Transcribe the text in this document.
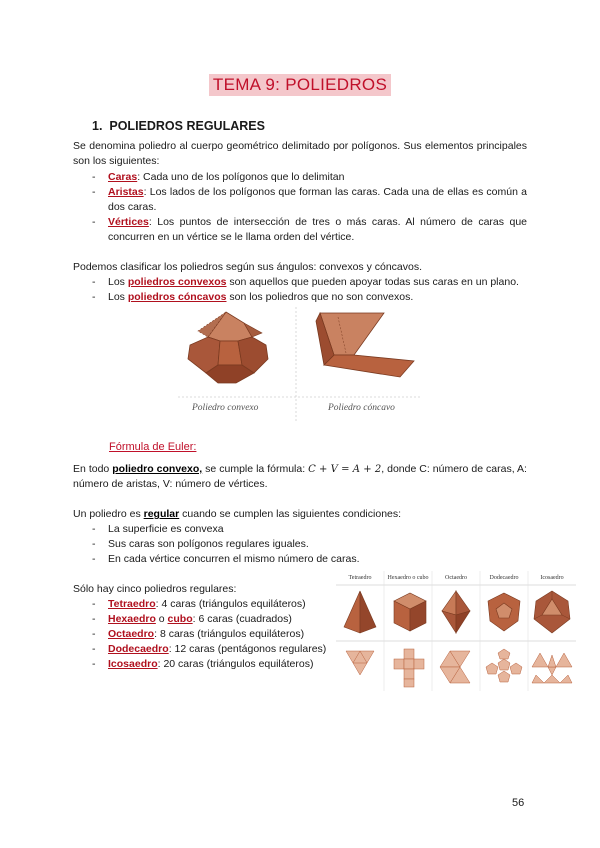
TEMA 9: POLIEDROS
1.  POLIEDROS REGULARES
Se denomina poliedro al cuerpo geométrico delimitado por polígonos. Sus elementos principales son los siguientes:
- Caras: Cada uno de los polígonos que lo delimitan
- Aristas: Los lados de los polígonos que forman las caras. Cada una de ellas es común a dos caras.
- Vértices: Los puntos de intersección de tres o más caras. Al número de caras que concurren en un vértice se le llama orden del vértice.
Podemos clasificar los poliedros según sus ángulos: convexos y cóncavos.
- Los poliedros convexos son aquellos que pueden apoyar todas sus caras en un plano.
- Los poliedros cóncavos son los poliedros que no son convexos.
Poliedro convexo	Poliedro cóncavo
Fórmula de Euler:
En todo poliedro convexo, se cumple la fórmula: C + V = A + 2, donde C: número de caras, A: número de aristas, V: número de vértices.
Un poliedro es regular cuando se cumplen las siguientes condiciones:
- La superficie es convexa
- Sus caras son polígonos regulares iguales.
- En cada vértice concurren el mismo número de caras.
Sólo hay cinco poliedros regulares:
- Tetraedro: 4 caras (triángulos equiláteros)
- Hexaedro o cubo: 6 caras (cuadrados)
- Octaedro: 8 caras (triángulos equiláteros)
- Dodecaedro: 12 caras (pentágonos regulares)
- Icosaedro: 20 caras (triángulos equiláteros)
Tetraedro	Hexaedro o cubo	Octaedro	Dodecaedro	Icosaedro
56
